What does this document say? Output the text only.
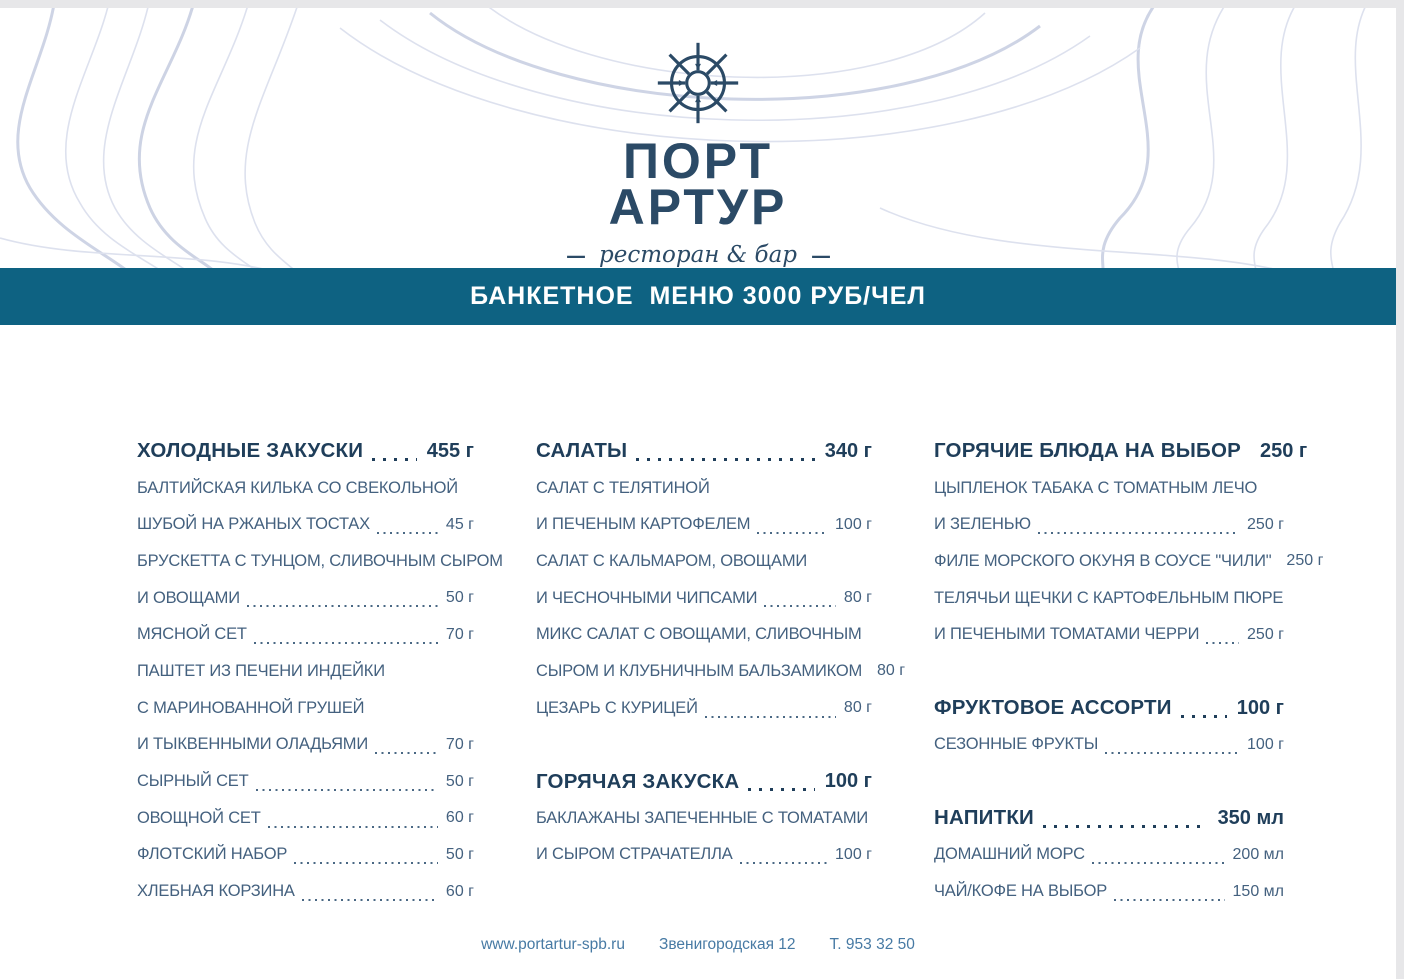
ПОРТ
АРТУР
— ресторан & бар —
БАНКЕТНОЕ  МЕНЮ 3000 РУБ/ЧЕЛ
ХОЛОДНЫЕ ЗАКУСКИ	455 г
БАЛТИЙСКАЯ КИЛЬКА СО СВЕКОЛЬНОЙ
ШУБОЙ НА РЖАНЫХ ТОСТАХ	45 г
БРУСКЕТТА С ТУНЦОМ, СЛИВОЧНЫМ СЫРОМ
И ОВОЩАМИ	50 г
МЯСНОЙ СЕТ	70 г
ПАШТЕТ ИЗ ПЕЧЕНИ ИНДЕЙКИ
С МАРИНОВАННОЙ ГРУШЕЙ
И ТЫКВЕННЫМИ ОЛАДЬЯМИ	70 г
СЫРНЫЙ СЕТ	50 г
ОВОЩНОЙ СЕТ	60 г
ФЛОТСКИЙ НАБОР	50 г
ХЛЕБНАЯ КОРЗИНА	60 г
САЛАТЫ	340 г
САЛАТ С ТЕЛЯТИНОЙ
И ПЕЧЕНЫМ КАРТОФЕЛЕМ	100 г
САЛАТ С КАЛЬМАРОМ, ОВОЩАМИ
И ЧЕСНОЧНЫМИ ЧИПСАМИ	80 г
МИКС САЛАТ С ОВОЩАМИ, СЛИВОЧНЫМ
СЫРОМ И КЛУБНИЧНЫМ БАЛЬЗАМИКОМ 80 г
ЦЕЗАРЬ С КУРИЦЕЙ	80 г
ГОРЯЧАЯ ЗАКУСКА	100 г
БАКЛАЖАНЫ ЗАПЕЧЕННЫЕ С ТОМАТАМИ
И СЫРОМ СТРАЧАТЕЛЛА	100 г
ГОРЯЧИЕ БЛЮДА НА ВЫБОР 250 г
ЦЫПЛЕНОК ТАБАКА С ТОМАТНЫМ ЛЕЧО
И ЗЕЛЕНЬЮ	250 г
ФИЛЕ МОРСКОГО ОКУНЯ В СОУСЕ "ЧИЛИ" 250 г
ТЕЛЯЧЬИ ЩЕЧКИ С КАРТОФЕЛЬНЫМ ПЮРЕ
И ПЕЧЕНЫМИ ТОМАТАМИ ЧЕРРИ	250 г
ФРУКТОВОЕ АССОРТИ	100 г
СЕЗОННЫЕ ФРУКТЫ	100 г
НАПИТКИ	350 мл
ДОМАШНИЙ МОРС	200 мл
ЧАЙ/КОФЕ НА ВЫБОР	150 мл
www.portartur-spb.ru Звенигородская 12 Т. 953 32 50
